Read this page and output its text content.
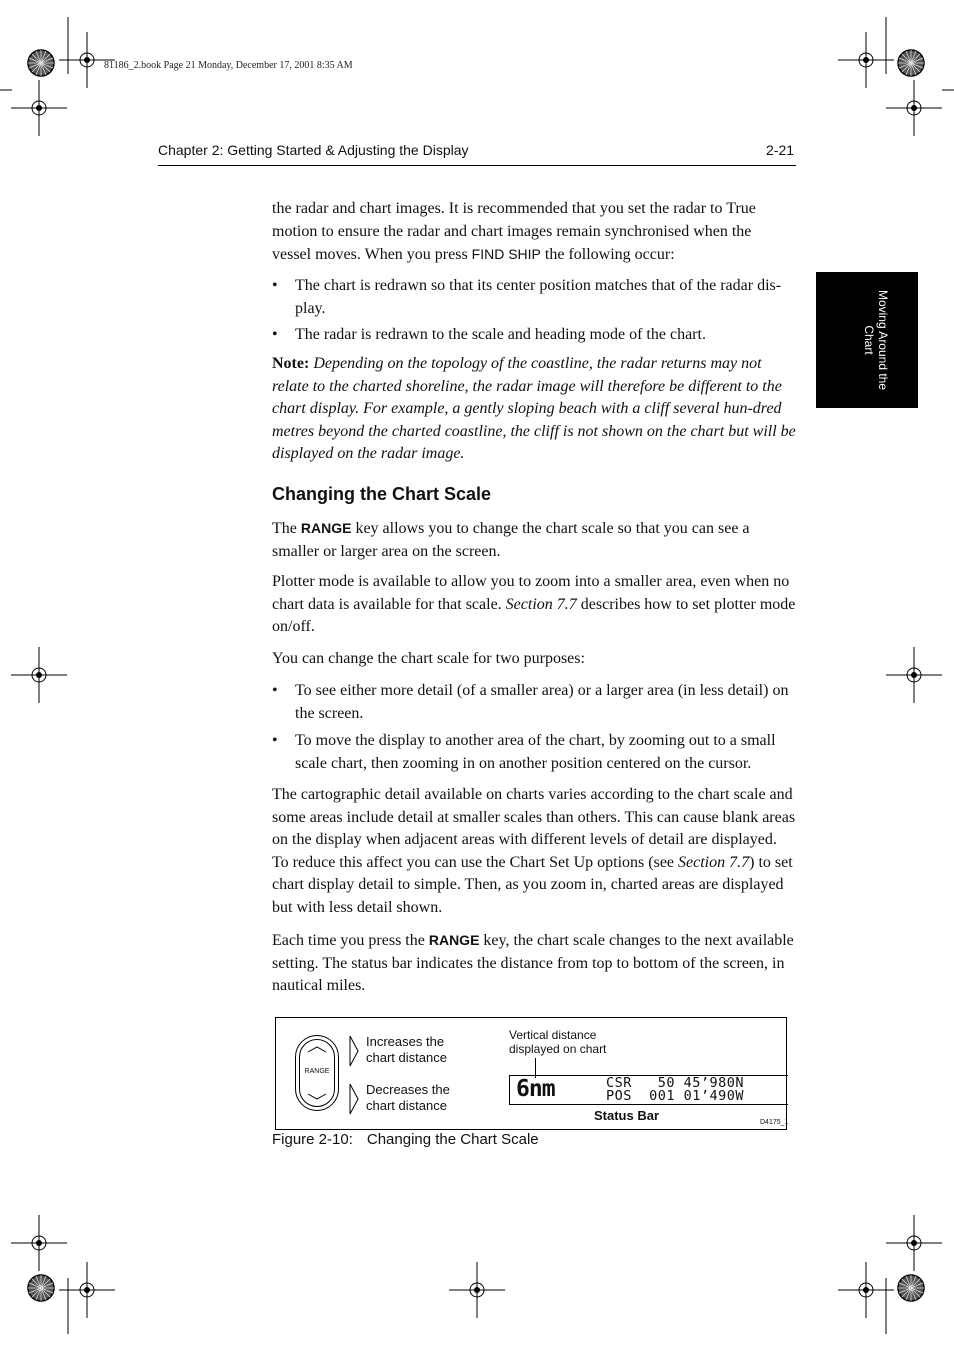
81186_2.book Page 21 Monday, December 17, 2001 8:35 AM
Chapter 2: Getting Started & Adjusting the Display	2-21
Moving Around the Chart

the radar and chart images. It is recommended that you set the radar to True
motion to ensure the radar and chart images remain synchronised when the
vessel moves. When you press FIND SHIP the following occur:

• The chart is redrawn so that its center position matches that of the radar dis-play.
• The radar is redrawn to the scale and heading mode of the chart.

Note: Depending on the topology of the coastline, the radar returns may not relate to the charted shoreline, the radar image will therefore be different to the chart display. For example, a gently sloping beach with a cliff several hun-dred metres beyond the charted coastline, the cliff is not shown on the chart but will be displayed on the radar image.

Changing the Chart Scale

The RANGE key allows you to change the chart scale so that you can see a smaller or larger area on the screen.

Plotter mode is available to allow you to zoom into a smaller area, even when no chart data is available for that scale. Section 7.7 describes how to set plotter mode on/off.

You can change the chart scale for two purposes:
• To see either more detail (of a smaller area) or a larger area (in less detail) on the screen.
• To move the display to another area of the chart, by zooming out to a small scale chart, then zooming in on another position centered on the cursor.

The cartographic detail available on charts varies according to the chart scale and some areas include detail at smaller scales than others. This can cause blank areas on the display when adjacent areas with different levels of detail are displayed. To reduce this affect you can use the Chart Set Up options (see Section 7.7) to set chart display detail to simple. Then, as you zoom in, charted areas are displayed but with less detail shown.

Each time you press the RANGE key, the chart scale changes to the next available setting. The status bar indicates the distance from top to bottom of the screen, in nautical miles.

RANGE
Increases the chart distance
Decreases the chart distance
Vertical distance displayed on chart
6nm	CSR   50 45’980N
POS  001 01’490W
Status Bar	D4175_1
Figure 2-10: Changing the Chart Scale
